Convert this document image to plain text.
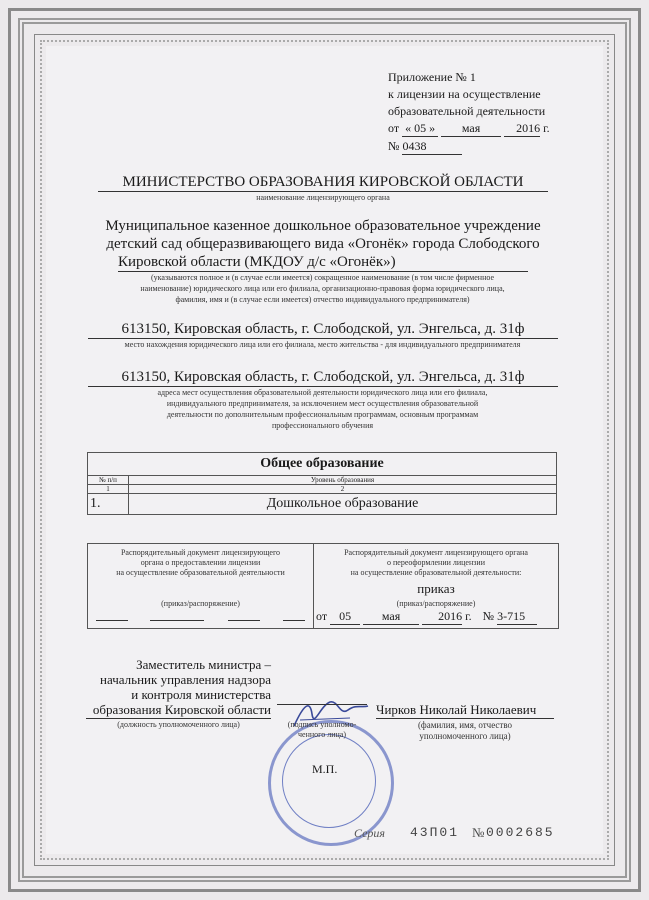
Приложение № 1
к лицензии на осуществление
образовательной деятельности
от « 05 » мая	2016 г.
№ 0438
МИНИСТЕРСТВО ОБРАЗОВАНИЯ КИРОВСКОЙ ОБЛАСТИ
наименование лицензирующего органа
Муниципальное казенное дошкольное образовательное учреждение
детский сад общеразвивающего вида «Огонёк» города Слободского
Кировской области (МКДОУ д/с «Огонёк»)
(указываются полное и (в случае если имеется) сокращенное наименование (в том числе фирменное
наименование) юридического лица или его филиала, организационно-правовая форма юридического лица,
фамилия, имя и (в случае если имеется) отчество индивидуального предпринимателя)
613150, Кировская область, г. Слободской, ул. Энгельса, д. 31ф
место нахождения юридического лица или его филиала, место жительства - для индивидуального предпринимателя
613150, Кировская область, г. Слободской, ул. Энгельса, д. 31ф
адреса мест осуществления образовательной деятельности юридического лица или его филиала,
индивидуального предпринимателя, за исключением мест осуществления образовательной
деятельности по дополнительным профессиональным программам, основным программам
профессионального обучения
Общее образование	
№ п/п	Уровень образования
1	2
1.	Дошкольное образование
Распорядительный документ лицензирующего
органа о предоставлении лицензии
на осуществление образовательной деятельности
(приказ/распоряжение)
Распорядительный документ лицензирующего органа
о переоформлении лицензии
на осуществление образовательной деятельности:
приказ
(приказ/распоряжение)
от 05	мая	2016 г. № 3-715
Заместитель министра –
начальник управления надзора
и контроля министерства
образования Кировской области
(должность уполномоченного лица)	(подпись уполномо-
ченного лица)
Чирков Николай Николаевич
(фамилия, имя, отчество
уполномоченного лица)
М.П.
Серия 43П01 № 0002685
